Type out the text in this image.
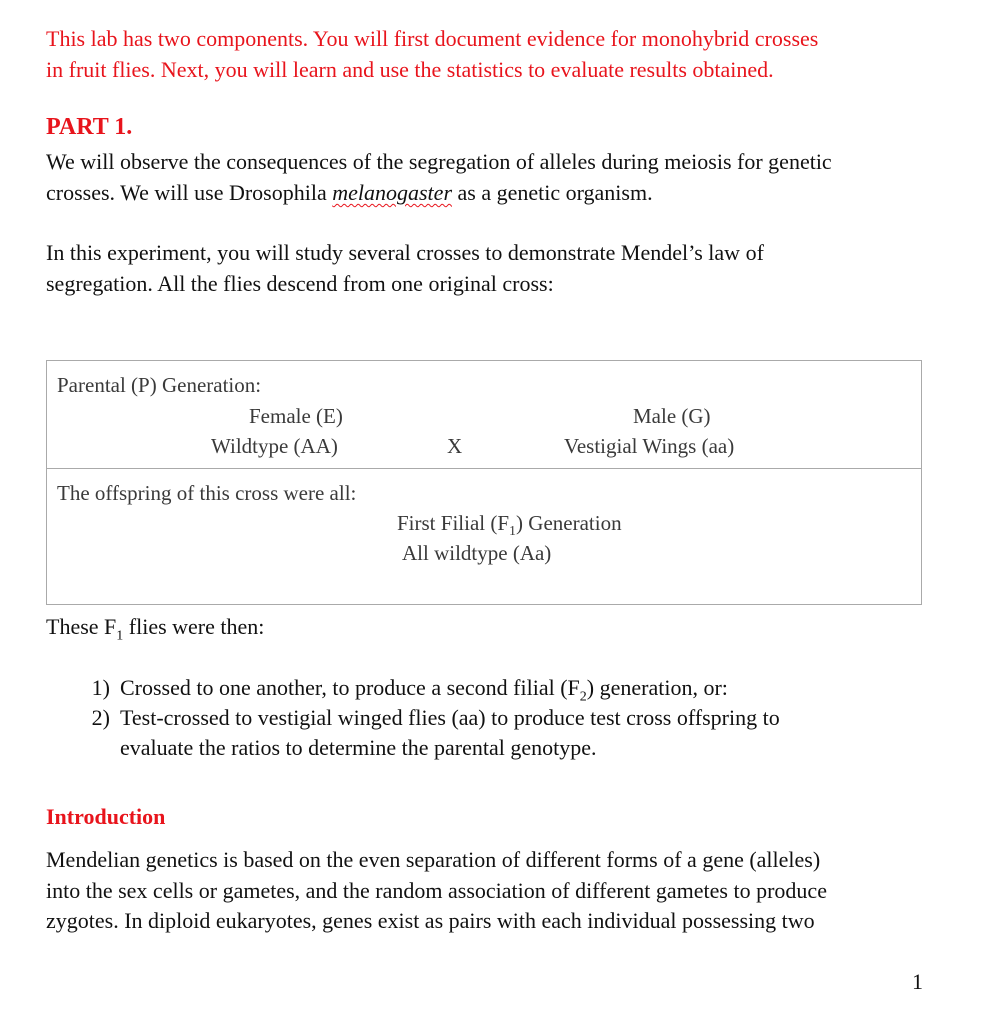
This lab has two components. You will first document evidence for monohybrid crosses
in fruit flies. Next, you will learn and use the statistics to evaluate results obtained.
PART 1.
We will observe the consequences of the segregation of alleles during meiosis for genetic
crosses. We will use Drosophila melanogaster as a genetic organism.
In this experiment, you will study several crosses to demonstrate Mendel’s law of
segregation. All the flies descend from one original cross:
Parental (P) Generation:
Female (E)
Wildtype (AA)	X
Male (G)
Vestigial Wings (aa)
The offspring of this cross were all:
First Filial $(F_1)$ Generation
All wildtype (Aa)
These $F_1$ flies were then:
1) Crossed to one another, to produce a second filial $(F_2)$ generation, or:
2) Test-crossed to vestigial winged flies (aa) to produce test cross offspring to
evaluate the ratios to determine the parental genotype.
Introduction
Mendelian genetics is based on the even separation of different forms of a gene (alleles)
into the sex cells or gametes, and the random association of different gametes to produce
zygotes. In diploid eukaryotes, genes exist as pairs with each individual possessing two
1
